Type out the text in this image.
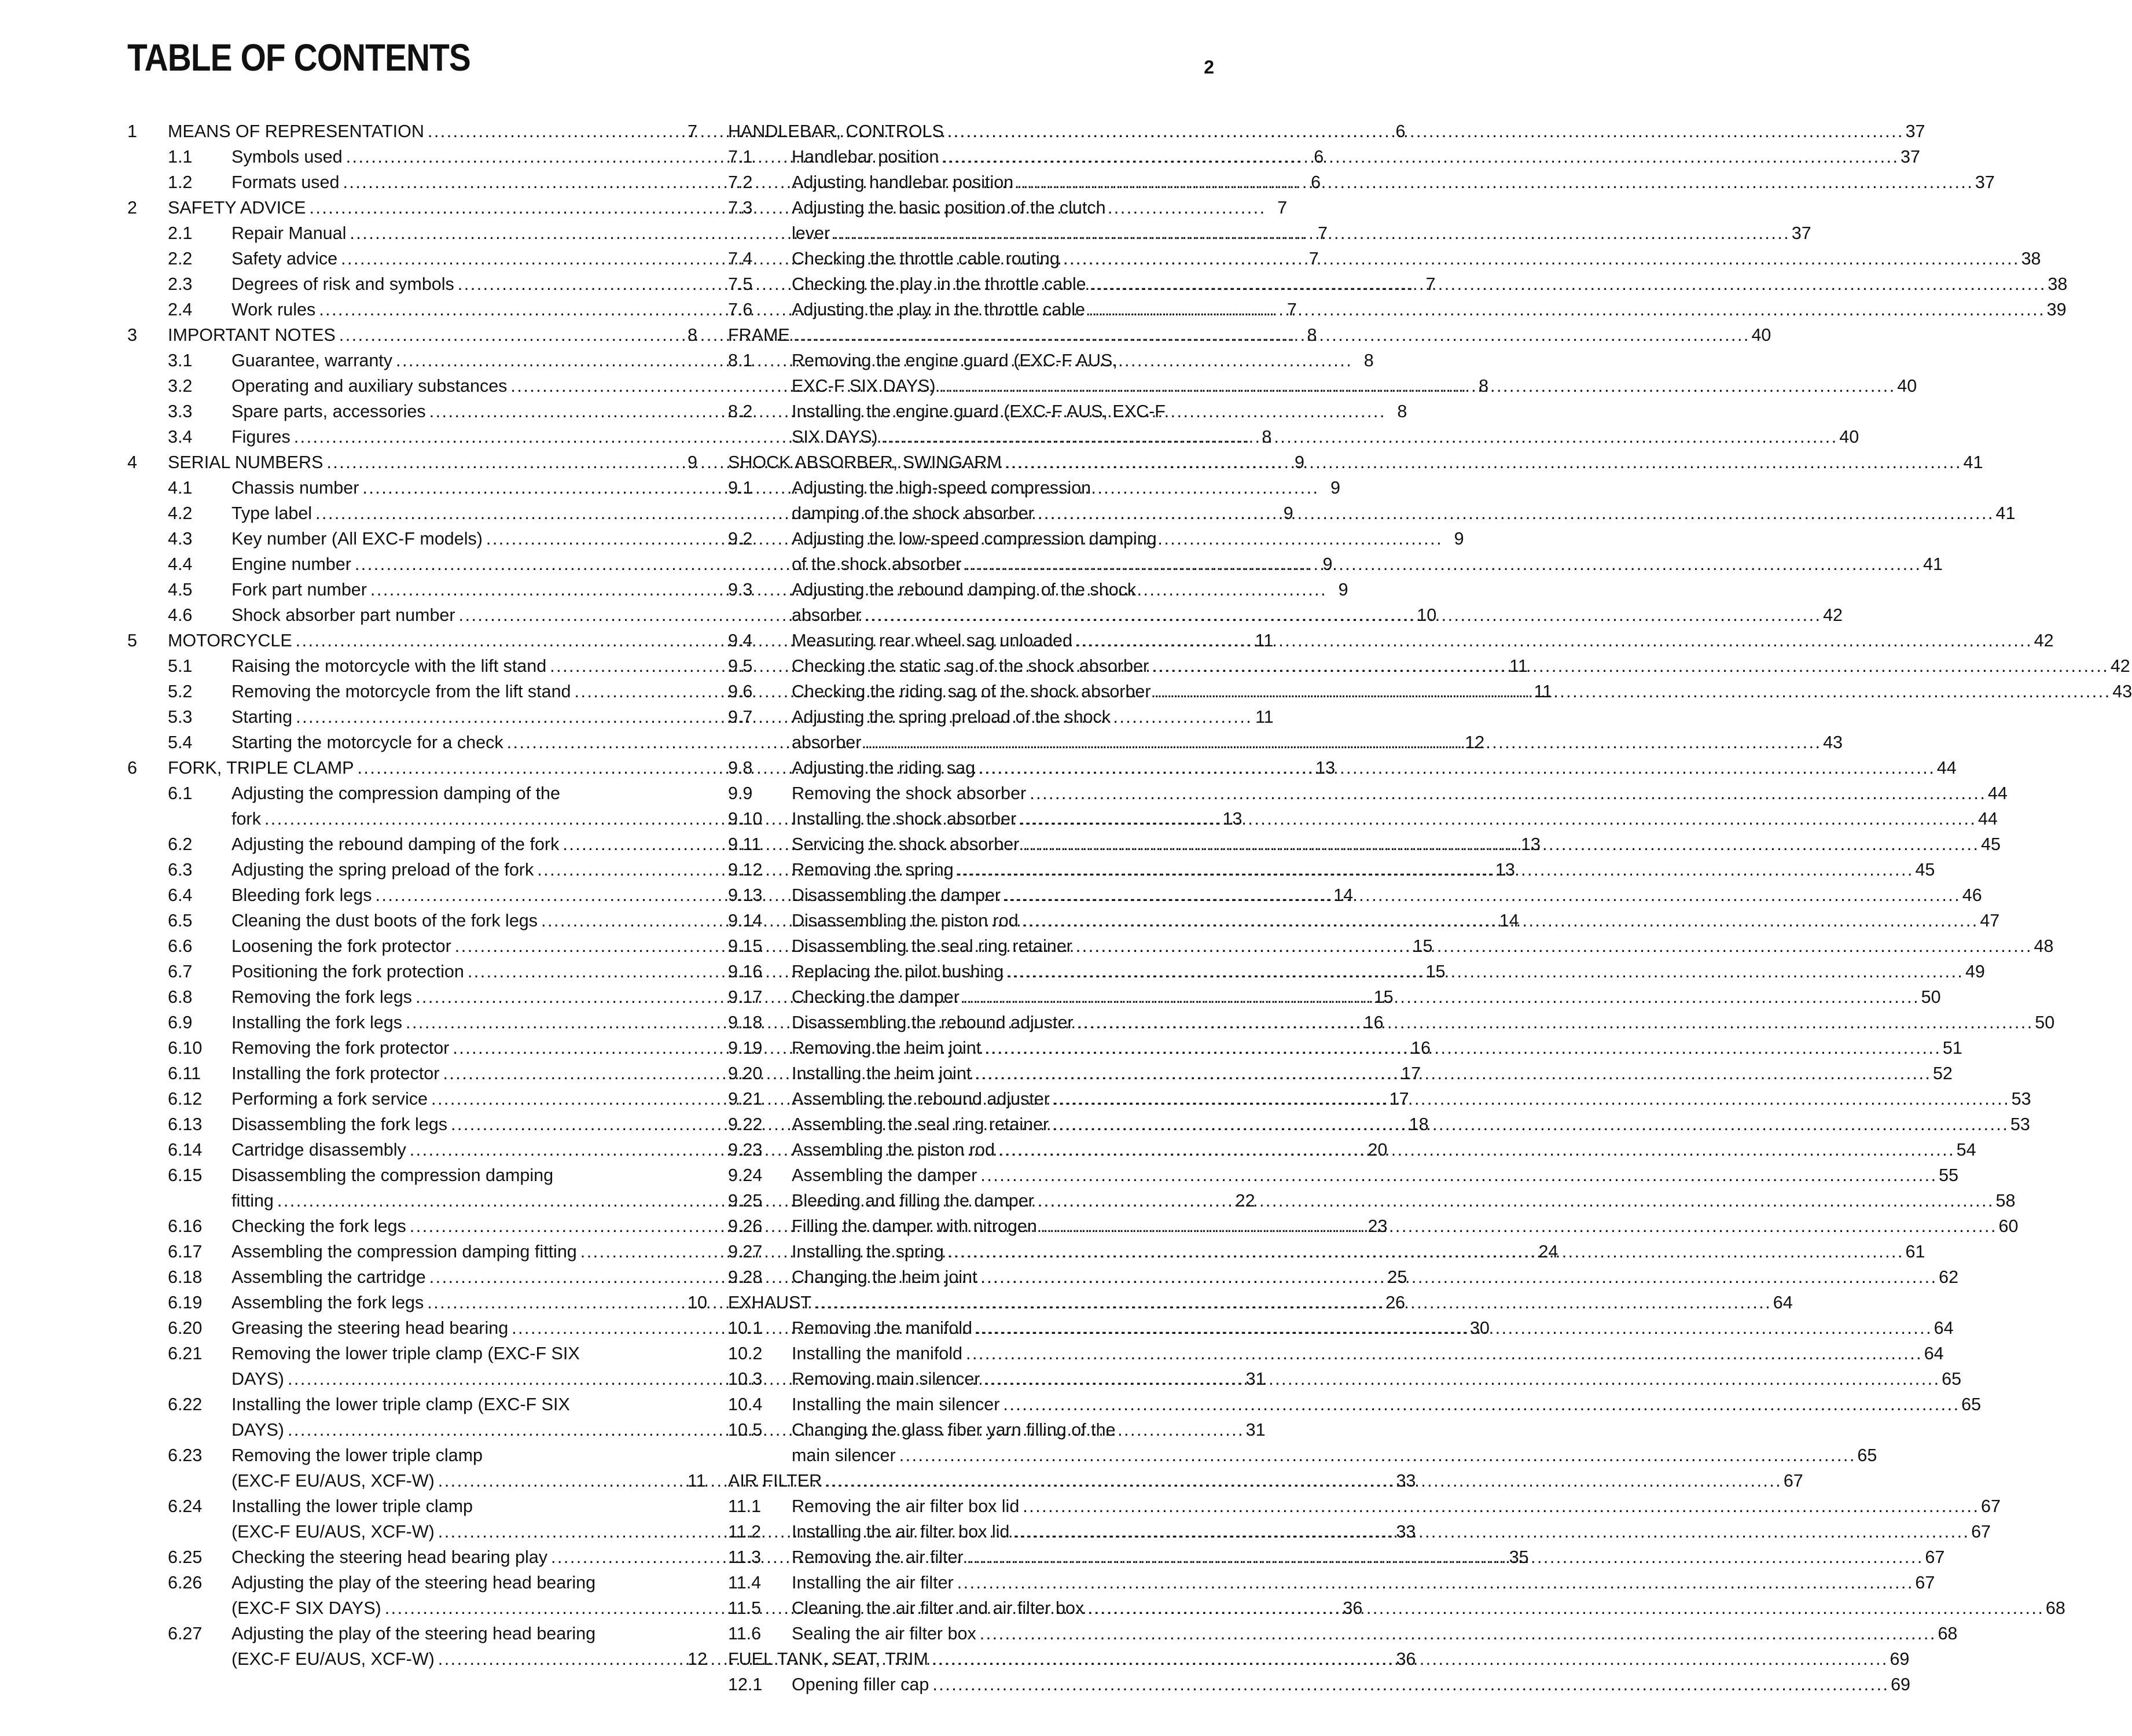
TABLE OF CONTENTS	2
1 MEANS OF REPRESENTATION . . .	6
1.1 Symbols used . . .	6
1.2 Formats used . . .	6
2 SAFETY ADVICE . . .	7
2.1 Repair Manual . . .	7
2.2 Safety advice . . .	7
2.3 Degrees of risk and symbols . . .	7
2.4 Work rules . . .	7
3 IMPORTANT NOTES . . .	8
3.1 Guarantee, warranty . . .	8
3.2 Operating and auxiliary substances . . .	8
3.3 Spare parts, accessories . . .	8
3.4 Figures . . .	8
4 SERIAL NUMBERS . . .	9
4.1 Chassis number . . .	9
4.2 Type label . . .	9
4.3 Key number (All EXC-F models) . . .	9
4.4 Engine number . . .	9
4.5 Fork part number . . .	9
4.6 Shock absorber part number . . .	10
5 MOTORCYCLE . . .	11
5.1 Raising the motorcycle with the lift stand . . .	11
5.2 Removing the motorcycle from the lift stand . . .	11
5.3 Starting . . .	11
5.4 Starting the motorcycle for a check . . .	12
6 FORK, TRIPLE CLAMP . . .	13
6.1 Adjusting the compression damping of the
fork . . .	13
6.2 Adjusting the rebound damping of the fork . . .	13
6.3 Adjusting the spring preload of the fork . . .	13
6.4 Bleeding fork legs . . .	14
6.5 Cleaning the dust boots of the fork legs . . .	14
6.6 Loosening the fork protector . . .	15
6.7 Positioning the fork protection . . .	15
6.8 Removing the fork legs . . .	15
6.9 Installing the fork legs . . .	16
6.10 Removing the fork protector . . .	16
6.11 Installing the fork protector . . .	17
6.12 Performing a fork service . . .	17
6.13 Disassembling the fork legs . . .	18
6.14 Cartridge disassembly . . .	20
6.15 Disassembling the compression damping
fitting . . .	22
6.16 Checking the fork legs . . .	23
6.17 Assembling the compression damping fitting . . .	24
6.18 Assembling the cartridge . . .	25
6.19 Assembling the fork legs . . .	26
6.20 Greasing the steering head bearing . . .	30
6.21 Removing the lower triple clamp (EXC-F SIX
DAYS) . . .	31
6.22 Installing the lower triple clamp (EXC-F SIX
DAYS) . . .	31
6.23 Removing the lower triple clamp
(EXC-F EU/AUS, XCF-W) . . .	33
6.24 Installing the lower triple clamp
(EXC-F EU/AUS, XCF-W) . . .	33
6.25 Checking the steering head bearing play . . .	35
6.26 Adjusting the play of the steering head bearing
(EXC-F SIX DAYS) . . .	36
6.27 Adjusting the play of the steering head bearing
(EXC-F EU/AUS, XCF-W) . . .	36
7 HANDLEBAR, CONTROLS . . .	37
7.1 Handlebar position . . .	37
7.2 Adjusting handlebar position . . .	37
7.3 Adjusting the basic position of the clutch
lever . . .	37
7.4 Checking the throttle cable routing . . .	38
7.5 Checking the play in the throttle cable . . .	38
7.6 Adjusting the play in the throttle cable . . .	39
8 FRAME . . .	40
8.1 Removing the engine guard (EXC-F AUS,
EXC-F SIX DAYS) . . .	40
8.2 Installing the engine guard (EXC-F AUS, EXC-F
SIX DAYS) . . .	40
9 SHOCK ABSORBER, SWINGARM . . .	41
9.1 Adjusting the high-speed compression
damping of the shock absorber . . .	41
9.2 Adjusting the low-speed compression damping
of the shock absorber . . .	41
9.3 Adjusting the rebound damping of the shock
absorber . . .	42
9.4 Measuring rear wheel sag unloaded . . .	42
9.5 Checking the static sag of the shock absorber . . .	42
9.6 Checking the riding sag of the shock absorber . . .	43
9.7 Adjusting the spring preload of the shock
absorber . . .	43
9.8 Adjusting the riding sag . . .	44
9.9 Removing the shock absorber . . .	44
9.10 Installing the shock absorber . . .	44
9.11 Servicing the shock absorber . . .	45
9.12 Removing the spring . . .	45
9.13 Disassembling the damper . . .	46
9.14 Disassembling the piston rod . . .	47
9.15 Disassembling the seal ring retainer . . .	48
9.16 Replacing the pilot bushing . . .	49
9.17 Checking the damper . . .	50
9.18 Disassembling the rebound adjuster . . .	50
9.19 Removing the heim joint . . .	51
9.20 Installing the heim joint . . .	52
9.21 Assembling the rebound adjuster . . .	53
9.22 Assembling the seal ring retainer . . .	53
9.23 Assembling the piston rod . . .	54
9.24 Assembling the damper . . .	55
9.25 Bleeding and filling the damper . . .	58
9.26 Filling the damper with nitrogen . . .	60
9.27 Installing the spring . . .	61
9.28 Changing the heim joint . . .	62
10 EXHAUST . . .	64
10.1 Removing the manifold . . .	64
10.2 Installing the manifold . . .	64
10.3 Removing main silencer . . .	65
10.4 Installing the main silencer . . .	65
10.5 Changing the glass fiber yarn filling of the
main silencer . . .	65
11 AIR FILTER . . .	67
11.1 Removing the air filter box lid . . .	67
11.2 Installing the air filter box lid . . .	67
11.3 Removing the air filter . . .	67
11.4 Installing the air filter . . .	67
11.5 Cleaning the air filter and air filter box . . .	68
11.6 Sealing the air filter box . . .	68
12 FUEL TANK, SEAT, TRIM . . .	69
12.1 Opening filler cap . . .	69
